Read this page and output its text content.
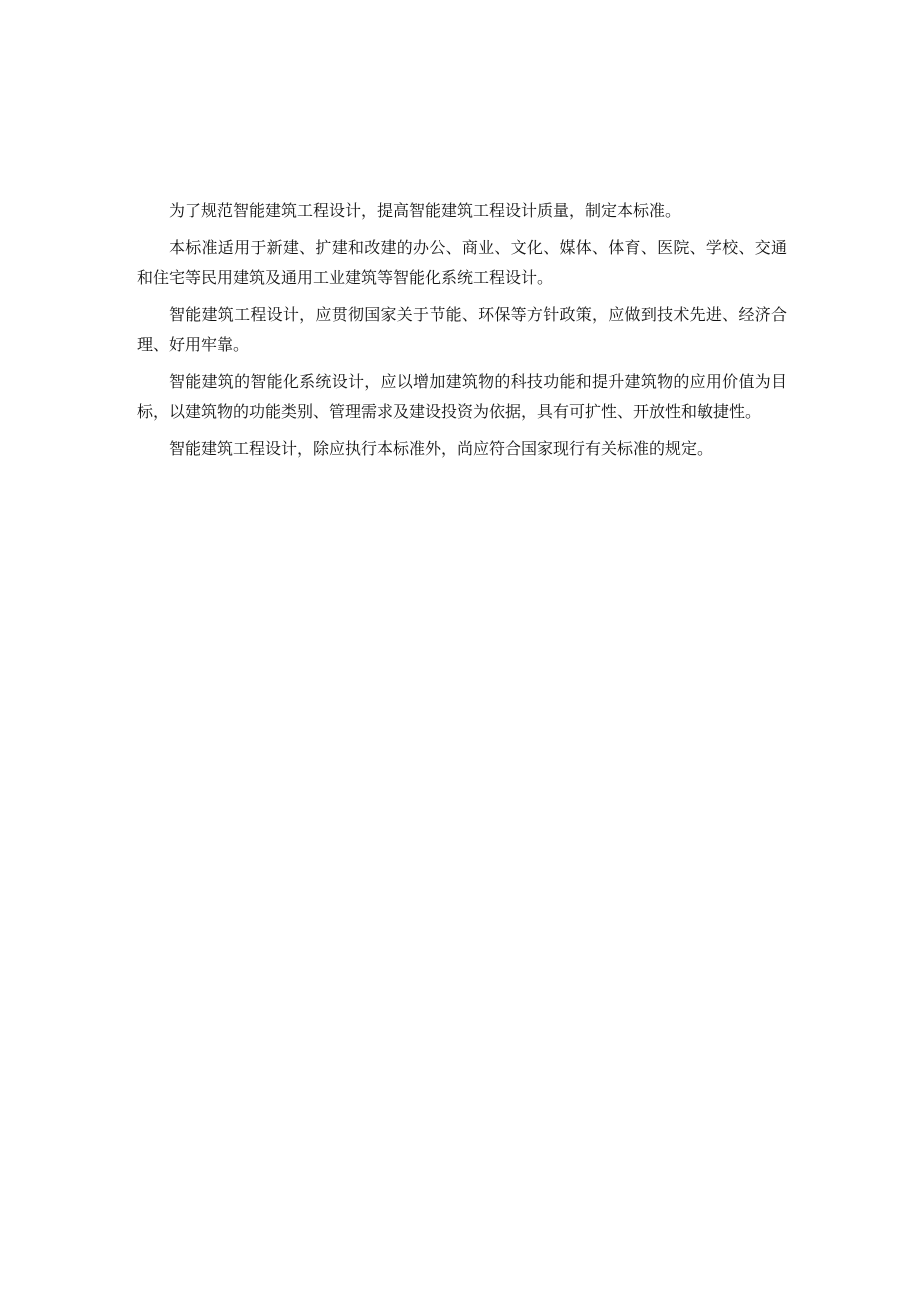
为了规范智能建筑工程设计，提高智能建筑工程设计质量，制定本标准。

本标准适用于新建、扩建和改建的办公、商业、文化、媒体、体育、医院、学校、交通和住宅等民用建筑及通用工业建筑等智能化系统工程设计。

智能建筑工程设计，应贯彻国家关于节能、环保等方针政策，应做到技术先进、经济合理、好用牢靠。

智能建筑的智能化系统设计，应以增加建筑物的科技功能和提升建筑物的应用价值为目标，以建筑物的功能类别、管理需求及建设投资为依据，具有可扩性、开放性和敏捷性。

智能建筑工程设计，除应执行本标准外，尚应符合国家现行有关标准的规定。
